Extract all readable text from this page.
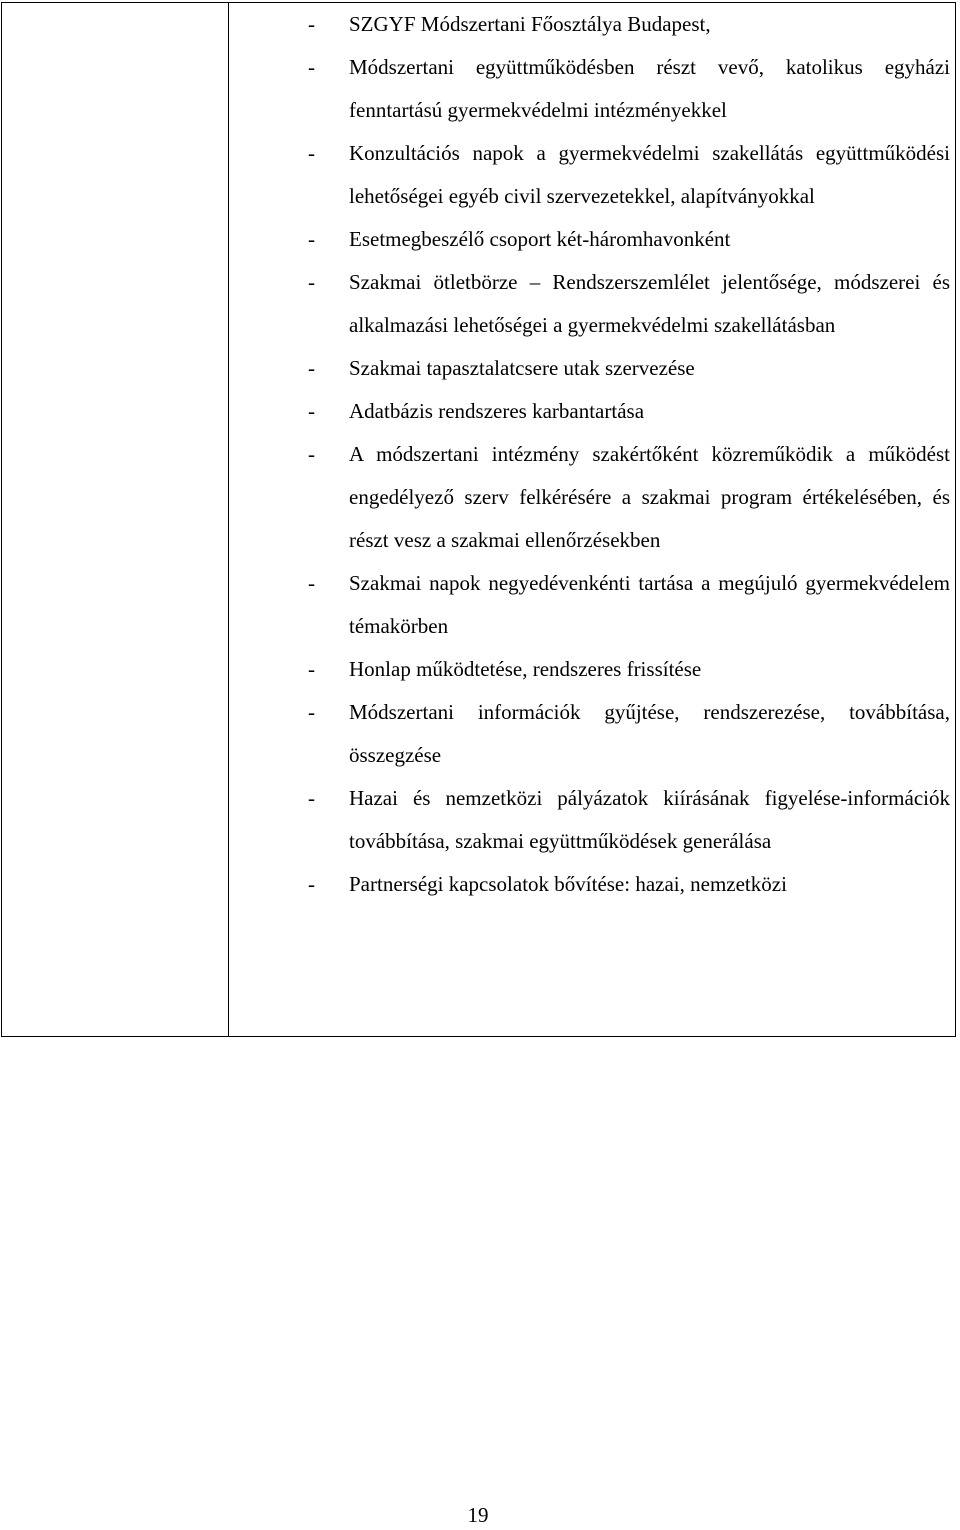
- SZGYF Módszertani Főosztálya Budapest,
- Módszertani együttműködésben részt vevő, katolikus egyházi fenntartású gyermekvédelmi intézményekkel
- Konzultációs napok a gyermekvédelmi szakellátás együttműködési lehetőségei egyéb civil szervezetekkel, alapítványokkal
- Esetmegbeszélő csoport két-háromhavonként
- Szakmai ötletbörze – Rendszerszemlélet jelentősége, módszerei és alkalmazási lehetőségei a gyermekvédelmi szakellátásban
- Szakmai tapasztalatcsere utak szervezése
- Adatbázis rendszeres karbantartása
- A módszertani intézmény szakértőként közreműködik a működést engedélyező szerv felkérésére a szakmai program értékelésében, és részt vesz a szakmai ellenőrzésekben
- Szakmai napok negyedévenkénti tartása a megújuló gyermekvédelem témakörben
- Honlap működtetése, rendszeres frissítése
- Módszertani információk gyűjtése, rendszerezése, továbbítása, összegzése
- Hazai és nemzetközi pályázatok kiírásának figyelése-információk továbbítása, szakmai együttműködések generálása
- Partnerségi kapcsolatok bővítése: hazai, nemzetközi
19
